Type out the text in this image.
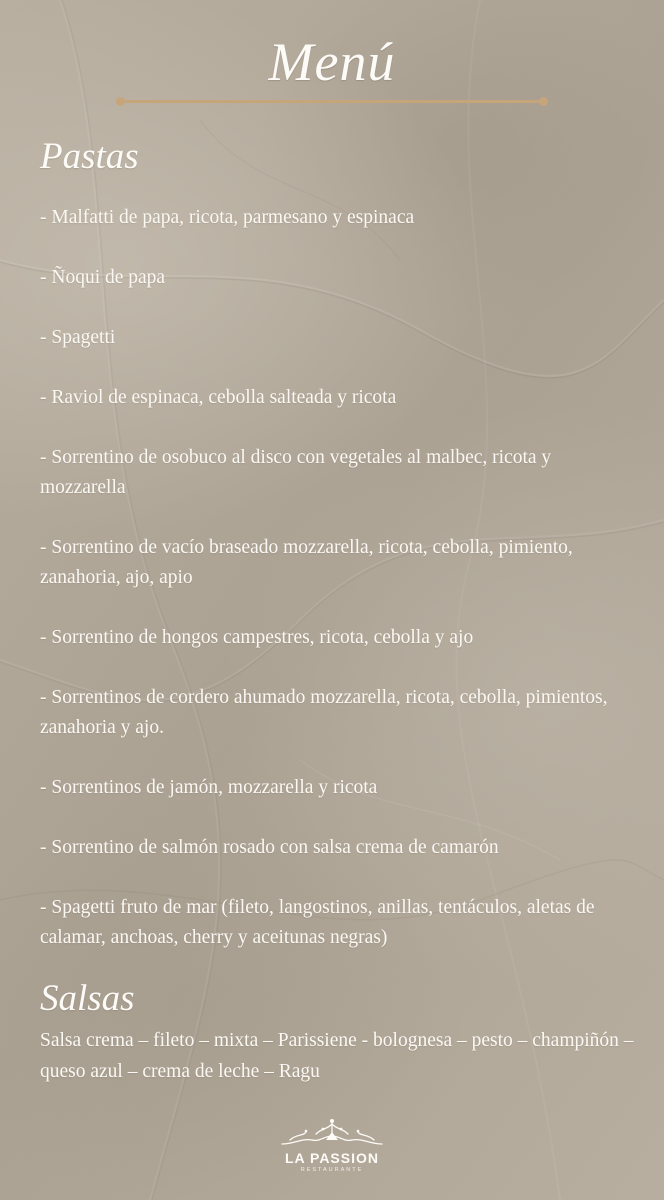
Menú
Pastas
- Malfatti de papa, ricota, parmesano y espinaca
- Ñoqui de papa
- Spagetti
- Raviol de espinaca, cebolla salteada y ricota
- Sorrentino de osobuco al disco con vegetales al malbec, ricota y mozzarella
- Sorrentino de vacío braseado mozzarella, ricota, cebolla, pimiento, zanahoria, ajo, apio
- Sorrentino de hongos campestres, ricota, cebolla y ajo
- Sorrentinos de cordero ahumado mozzarella, ricota, cebolla, pimientos, zanahoria y ajo.
- Sorrentinos de jamón, mozzarella y ricota
- Sorrentino de salmón rosado con salsa crema de camarón
- Spagetti fruto de mar (fileto, langostinos, anillas, tentáculos, aletas de calamar, anchoas, cherry y aceitunas negras)
Salsas

Salsa crema – fileto – mixta – Parissiene - bolognesa – pesto – champiñón – queso azul – crema de leche – Ragu

LA PASSION
RESTAURANTE
